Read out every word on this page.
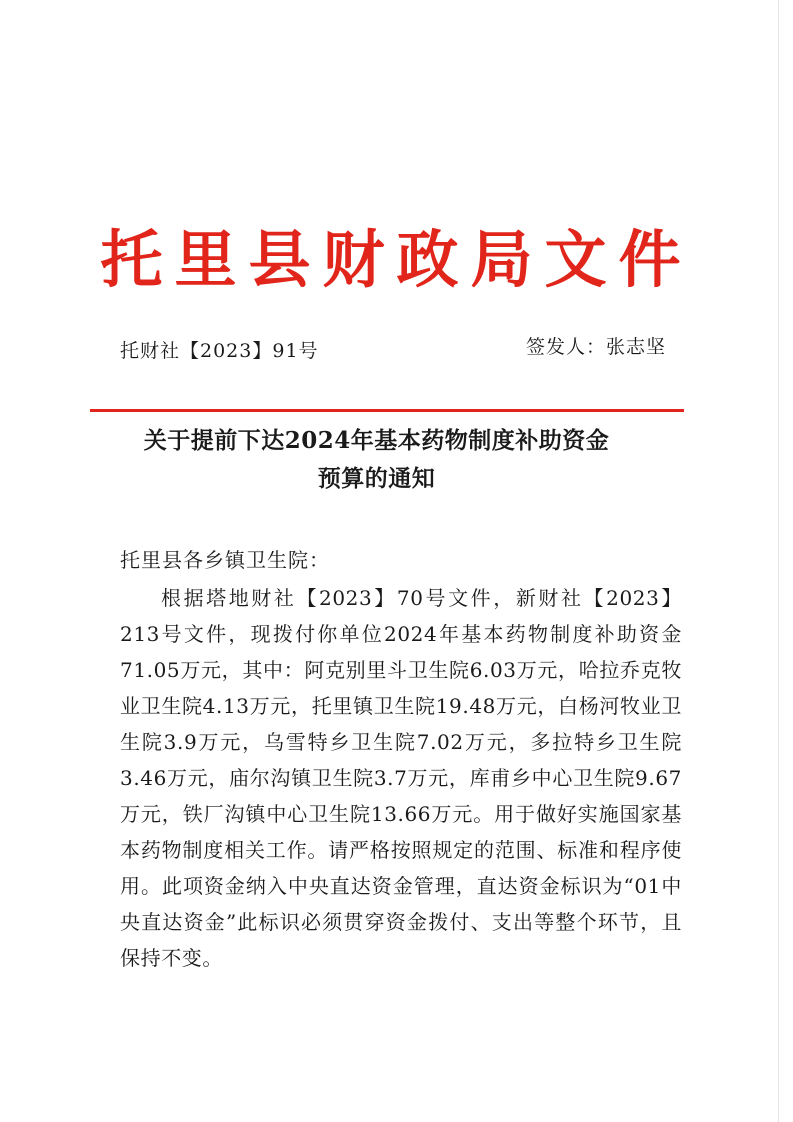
托里县财政局文件
托财社【2023】91号	签发人：张志坚
关于提前下达2024年基本药物制度补助资金
预算的通知
托里县各乡镇卫生院：

根据塔地财社【2023】70号文件，新财社【2023】213号文件，现拨付你单位2024年基本药物制度补助资金71.05万元，其中：阿克别里斗卫生院6.03万元，哈拉乔克牧业卫生院4.13万元，托里镇卫生院19.48万元，白杨河牧业卫生院3.9万元，乌雪特乡卫生院7.02万元，多拉特乡卫生院3.46万元，庙尔沟镇卫生院3.7万元，库甫乡中心卫生院9.67万元，铁厂沟镇中心卫生院13.66万元。用于做好实施国家基本药物制度相关工作。请严格按照规定的范围、标准和程序使用。此项资金纳入中央直达资金管理，直达资金标识为“01中央直达资金”此标识必须贯穿资金拨付、支出等整个环节，且保持不变。
